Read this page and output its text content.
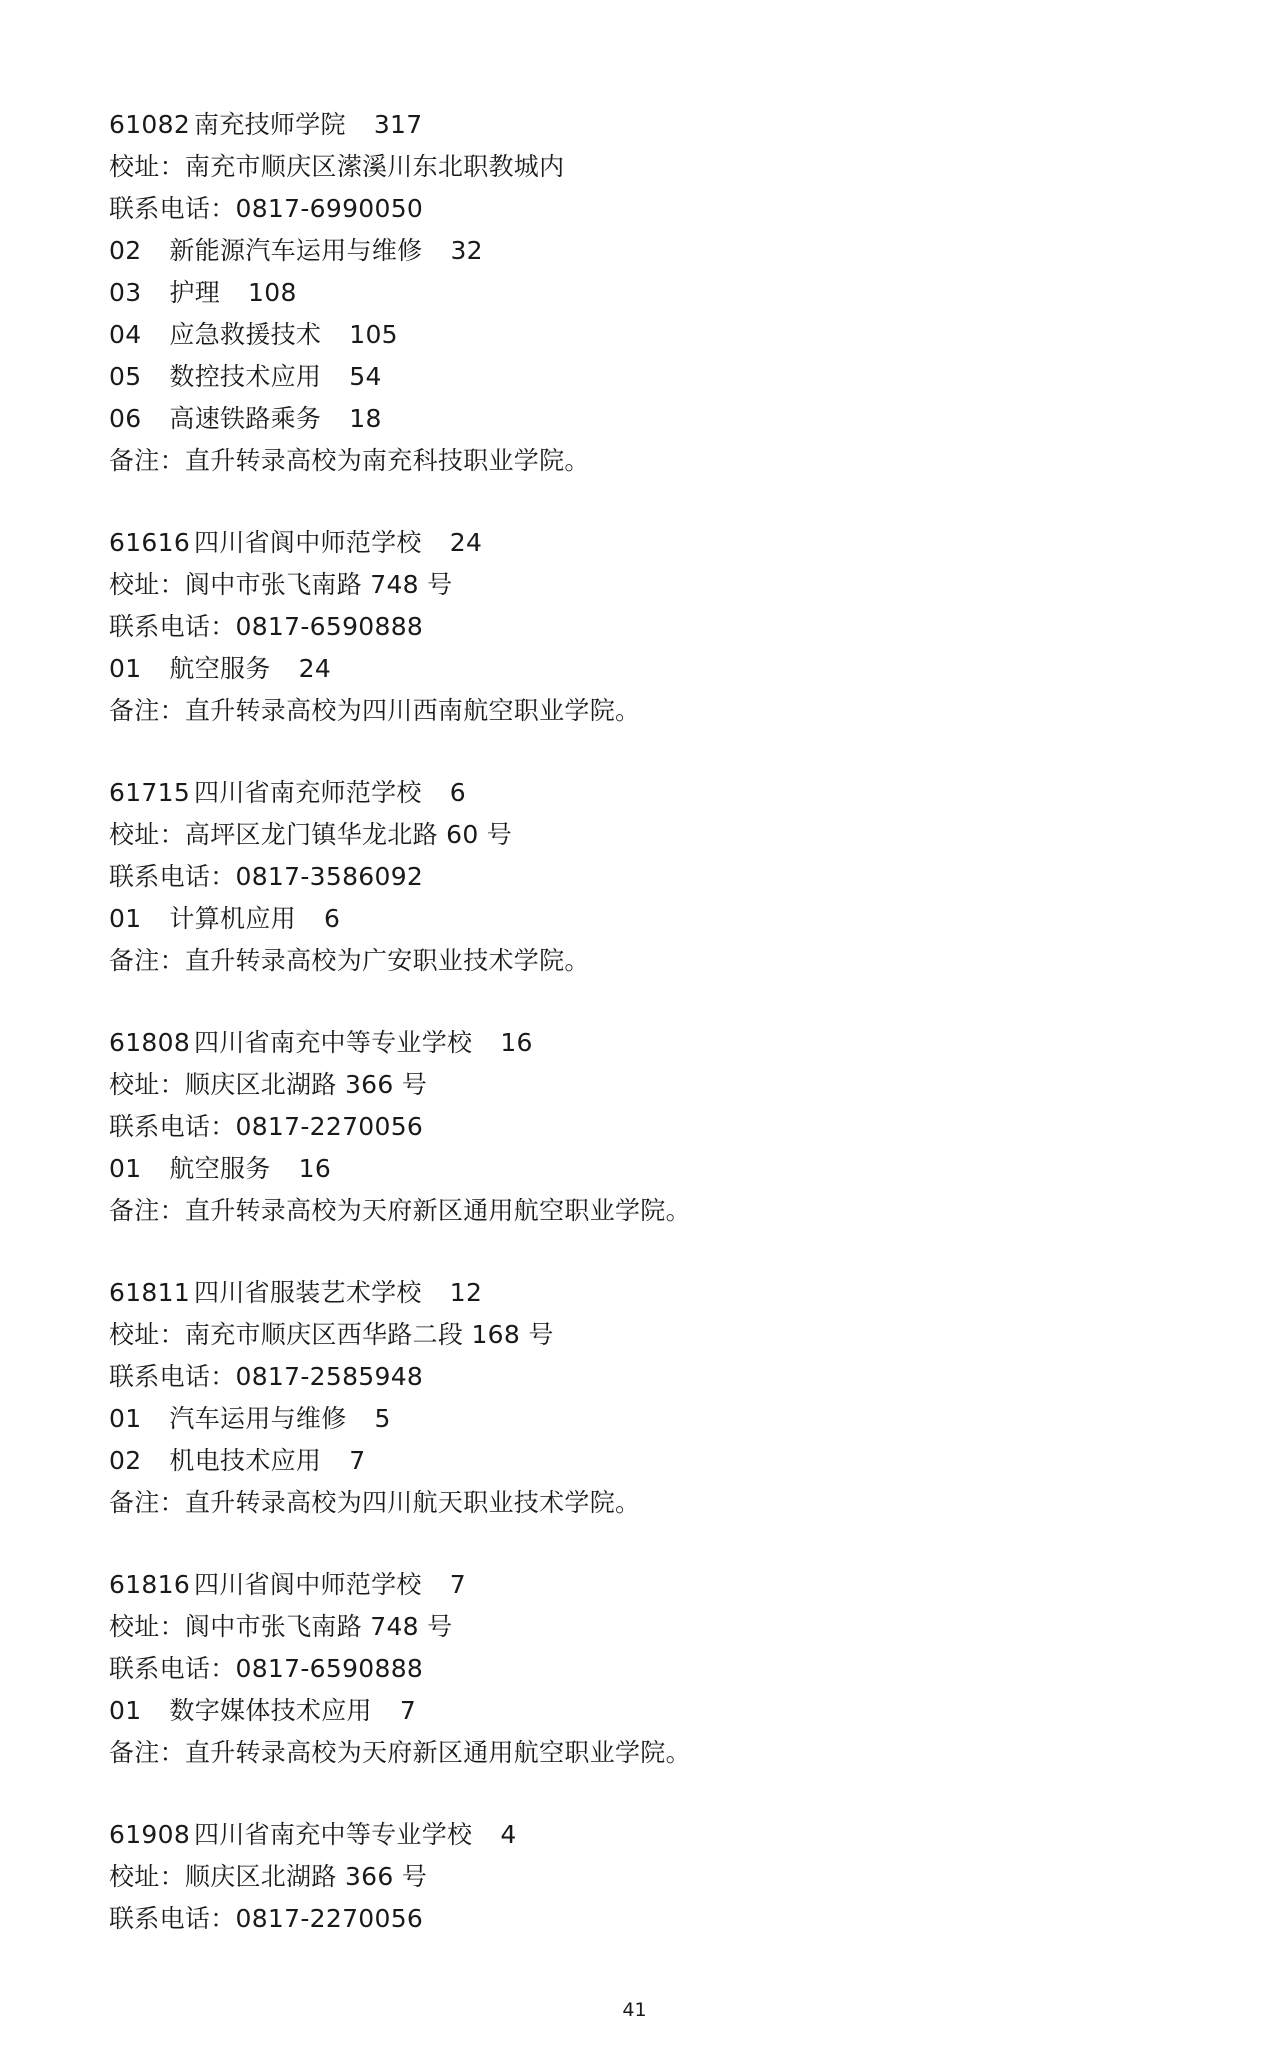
61082 南充技师学院 317
校址：南充市顺庆区潆溪川东北职教城内
联系电话：0817-6990050
02 新能源汽车运用与维修 32
03 护理 108
04 应急救援技术 105
05 数控技术应用 54
06 高速铁路乘务 18
备注：直升转录高校为南充科技职业学院。
61616 四川省阆中师范学校 24
校址：阆中市张飞南路 748 号
联系电话：0817-6590888
01 航空服务 24
备注：直升转录高校为四川西南航空职业学院。
61715 四川省南充师范学校 6
校址：高坪区龙门镇华龙北路 60 号
联系电话：0817-3586092
01 计算机应用 6
备注：直升转录高校为广安职业技术学院。
61808 四川省南充中等专业学校 16
校址：顺庆区北湖路 366 号
联系电话：0817-2270056
01 航空服务 16
备注：直升转录高校为天府新区通用航空职业学院。
61811 四川省服装艺术学校 12
校址：南充市顺庆区西华路二段 168 号
联系电话：0817-2585948
01 汽车运用与维修 5
02 机电技术应用 7
备注：直升转录高校为四川航天职业技术学院。
61816 四川省阆中师范学校 7
校址：阆中市张飞南路 748 号
联系电话：0817-6590888
01 数字媒体技术应用 7
备注：直升转录高校为天府新区通用航空职业学院。
61908 四川省南充中等专业学校 4
校址：顺庆区北湖路 366 号
联系电话：0817-2270056
41
